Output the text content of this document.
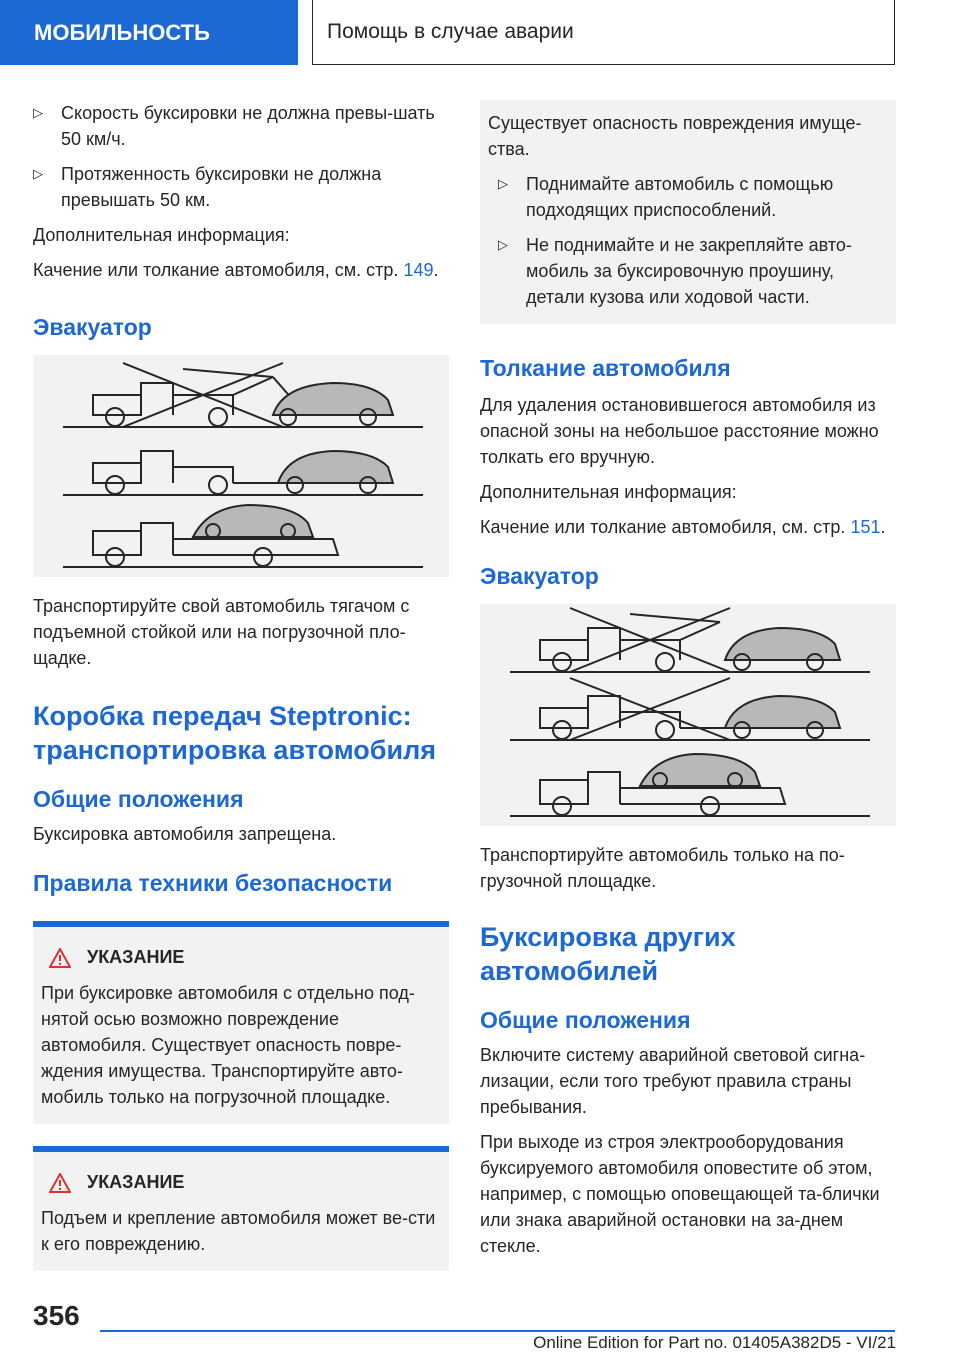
МОБИЛЬНОСТЬ	Помощь в случае аварии
▷ Скорость буксировки не должна превы-шать 50 км/ч.
▷ Протяженность буксировки не должна превышать 50 км.

Дополнительная информация:

Качение или толкание автомобиля, см. стр. 149.

Эвакуатор

Транспортируйте свой автомобиль тягачом с подъемной стойкой или на погрузочной пло-щадке.

Коробка передач Steptronic: транспортировка автомобиля
Общие положения

Буксировка автомобиля запрещена.

Правила техники безопасности
УКАЗАНИЕ

При буксировке автомобиля с отдельно под-нятой осью возможно повреждение автомобиля. Существует опасность повре-ждения имущества. Транспортируйте авто-мобиль только на погрузочной площадке.

УКАЗАНИЕ

Подъем и крепление автомобиля может ве-сти к его повреждению.

Существует опасность повреждения имуще-ства.

▷ Поднимайте автомобиль с помощью подходящих приспособлений.
▷ Не поднимайте и не закрепляйте авто-мобиль за буксировочную проушину, детали кузова или ходовой части.
Толкание автомобиля

Для удаления остановившегося автомобиля из опасной зоны на небольшое расстояние можно толкать его вручную.

Дополнительная информация:

Качение или толкание автомобиля, см. стр. 151.

Эвакуатор

Транспортируйте автомобиль только на по-грузочной площадке.

Буксировка других автомобилей
Общие положения

Включите систему аварийной световой сигна-лизации, если того требуют правила страны пребывания.

При выходе из строя электрооборудования буксируемого автомобиля оповестите об этом, например, с помощью оповещающей та-блички или знака аварийной остановки на за-днем стекле.

356
Online Edition for Part no. 01405A382D5 - VI/21
